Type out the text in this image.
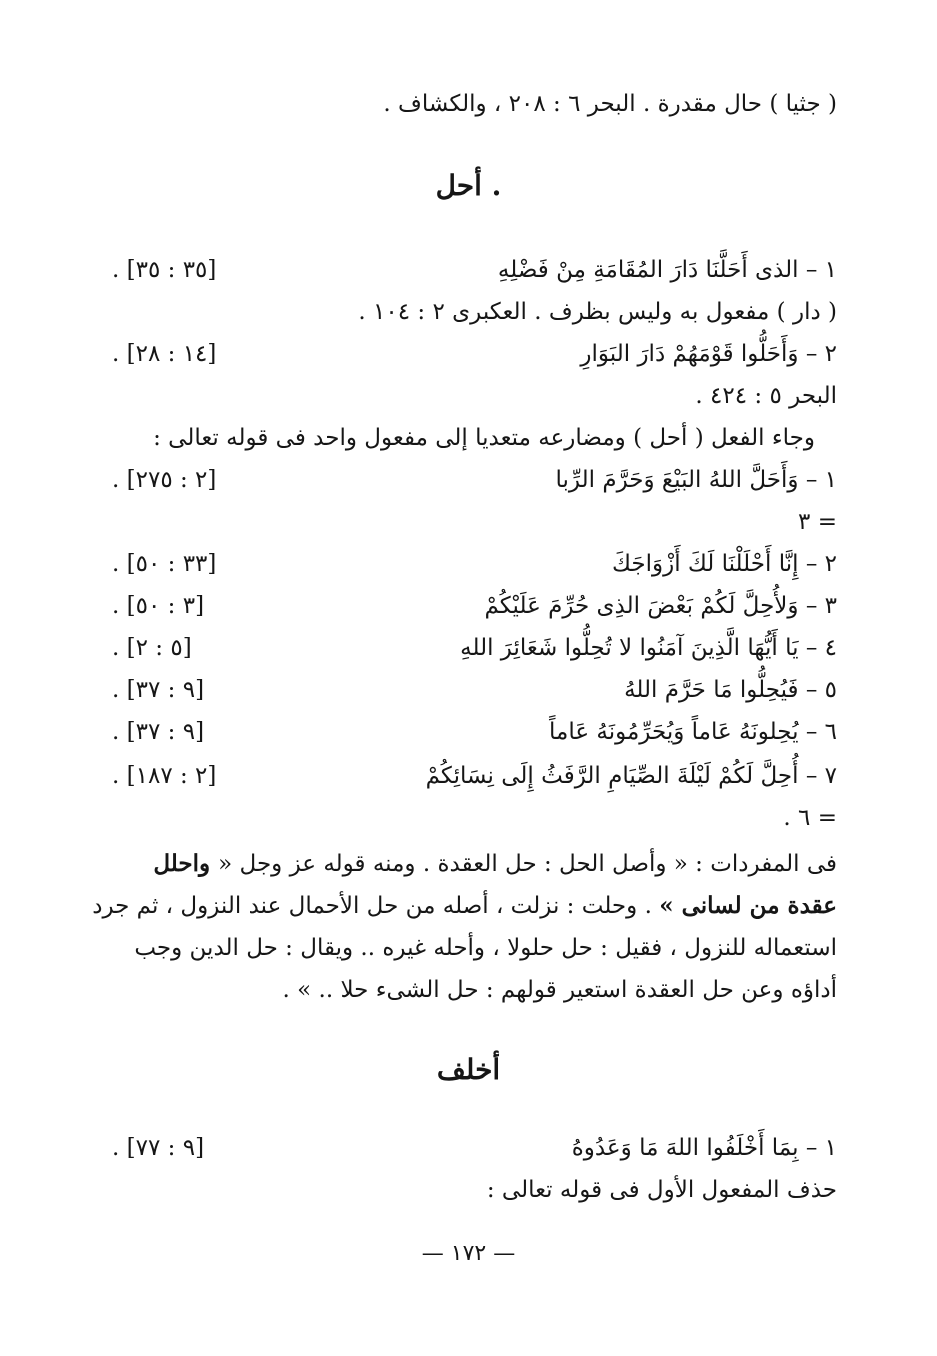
( جثيا ) حال مقدرة . البحر ٦ : ٢٠٨ ، والكشاف .
أحل .
١ – الذى أَحَلَّنَا دَارَ المُقَامَةِ مِنْ فَضْلِهِ
. [٣٥ : ٣٥]
( دار ) مفعول به وليس بظرف . العكبرى ٢ : ١٠٤ .
٢ – وَأَحَلُّوا قَوْمَهُمْ دَارَ البَوَارِ
. [١٤ : ٢٨]
البحر ٥ : ٤٢٤ .
وجاء الفعل ( أحل ) ومضارعه متعديا إلى مفعول واحد فى قوله تعالى :
١ – وَأَحَلَّ اللهُ البَيْعَ وَحَرَّمَ الرِّبا
. [٢ : ٢٧٥]
= ٣
٢ – إِنَّا أَحْلَلْنَا لَكَ أَزْوَاجَكَ
. [٣٣ : ٥٠]
٣ – وَلأُحِلَّ لَكُمْ بَعْضَ الذِى حُرِّمَ عَلَيْكُمْ
. [٣ : ٥٠]
٤ – يَا أَيُّهَا الَّذِينَ آمَنُوا لا تُحِلُّوا شَعَائِرَ اللهِ
. [٥ : ٢]
٥ – فَيُحِلُّوا مَا حَرَّمَ اللهُ
. [٩ : ٣٧]
٦ – يُحِلونَهُ عَاماً وَيُحَرِّمُونَهُ عَاماً
. [٩ : ٣٧]
٧ – أُحِلَّ لَكُمْ لَيْلَةَ الصِّيَامِ الرَّفَثُ إِلَى نِسَائِكُمْ
. [٢ : ١٨٧]
= ٦ .
فى المفردات : « وأصل الحل : حل العقدة . ومنه قوله عز وجل « واحلل
عقدة من لسانى » . وحلت : نزلت ، أصله من حل الأحمال عند النزول ، ثم جرد
استعماله للنزول ، فقيل : حل حلولا ، وأحله غيره .. ويقال : حل الدين وجب
أداؤه وعن حل العقدة استعير قولهم : حل الشىء حلا .. » .
أخلف
١ – بِمَا أَخْلَفُوا اللهَ مَا وَعَدُوهُ
. [٩ : ٧٧]
حذف المفعول الأول فى قوله تعالى :
— ١٧٢ —
